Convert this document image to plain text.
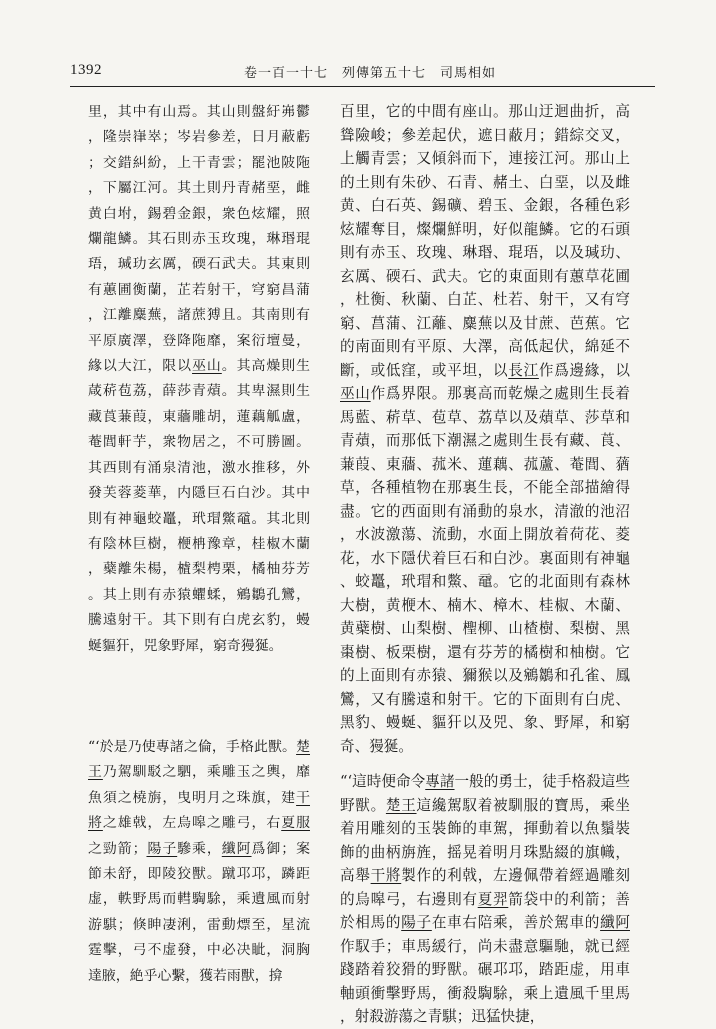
1392	卷一百一十七　列傳第五十七　司馬相如

里，其中有山焉。其山則盤紆岪鬱，隆崇嵂崒；岑岩參差，日月蔽虧；交錯糾紛，上干青雲；罷池陂陁，下屬江河。其土則丹青赭堊，雌黄白坿，錫碧金銀，衆色炫耀，照爛龍鱗。其石則赤玉玫瑰，琳瑉琨珸，瑊玏玄厲，碝石武夫。其東則有蕙圃衡蘭，芷若射干，穹窮昌蒲，江離麋蕪，諸蔗猼且。其南則有平原廣澤，登降陁靡，案衍壇曼，緣以大江，限以巫山。其高燥則生葴菥苞荔，薛莎青薠。其卑濕則生藏莨蒹葭，東蘠雕胡，蓮藕觚盧，菴閭軒芋，衆物居之，不可勝圖。其西則有涌泉清池，激水推移，外發芙蓉菱華，内隱巨石白沙。其中則有神龜蛟鼉，玳瑁鱉黿。其北則有陰林巨樹，楩柟豫章，桂椒木蘭，蘗離朱楊，樝梨梬栗，橘柚芬芳。其上則有赤猿蠷蝚，鵷鶵孔鸞，騰遠射干。其下則有白虎玄豹，蟃蜒貙犴，兕象野犀，窮奇獌狿。

“‘於是乃使專諸之倫，手格此獸。楚王乃駕馴駁之駟，乘雕玉之輿，靡魚須之橈旃，曳明月之珠旗，建干將之雄戟，左烏嗥之雕弓，右夏服之勁箭；陽子驂乘，纖阿爲御；案節未舒，即陵狡獸。蹴邛邛，蹸距虚，軼野馬而轊騊駼，乘遺風而射游騏；倏眒凄浰，雷動熛至，星流霆擊，弓不虚發，中必决眦，洞胸達腋，絶乎心繫，獲若雨獸，揜

百里，它的中間有座山。那山迂迴曲折，高聳險峻；參差起伏，遮日蔽月；錯綜交叉，上觸青雲；又傾斜而下，連接江河。那山上的土則有朱砂、石青、赭土、白堊，以及雌黄、白石英、錫礦、碧玉、金銀，各種色彩炫耀奪目，燦爛鮮明，好似龍鱗。它的石頭則有赤玉、玫瑰、琳瑉、琨珸，以及瑊玏、玄厲、碝石、武夫。它的東面則有蕙草花圃，杜衡、秋蘭、白芷、杜若、射干，又有穹窮、菖蒲、江蘺、麋蕪以及甘蔗、芭蕉。它的南面則有平原、大澤，高低起伏，綿延不斷，或低窪，或平坦，以長江作爲邊緣，以巫山作爲界限。那裏高而乾燥之處則生長着馬藍、菥草、苞草、荔草以及薠草、莎草和青薠，而那低下潮濕之處則生長有藏、莨、蒹葭、東蘠、菰米、蓮藕、菰蘆、菴閭、蕕草，各種植物在那裏生長，不能全部描繪得盡。它的西面則有涌動的泉水，清澈的池沼，水波激蕩、流動，水面上開放着荷花、菱花，水下隱伏着巨石和白沙。裏面則有神龜、蛟鼉，玳瑁和鱉、黿。它的北面則有森林大樹，黄楩木、楠木、樟木、桂椒、木蘭、黄蘗樹、山梨樹、檉柳、山楂樹、梨樹、黑棗樹、板栗樹，還有芬芳的橘樹和柚樹。它的上面則有赤猿、獮猴以及鵷鶵和孔雀、鳳鸞，又有騰遠和射干。它的下面則有白虎、黑豹、蟃蜒、貙犴以及兕、象、野犀，和窮奇、獌狿。

“‘這時便命令專諸一般的勇士，徒手格殺這些野獸。楚王這纔駕馭着被馴服的寶馬，乘坐着用雕刻的玉裝飾的車駕，揮動着以魚鬚裝飾的曲柄旃旌，摇晃着明月珠點綴的旗幟，高舉干將製作的利戟，左邊佩帶着經過雕刻的烏嗥弓，右邊則有夏羿箭袋中的利箭；善於相馬的陽子在車右陪乘，善於駕車的纖阿作馭手；車馬緩行，尚未盡意驅馳，就已經踐踏着狡猾的野獸。碾邛邛，踏距虚，用車軸頭衝擊野馬，衝殺騊駼，乘上遺風千里馬，射殺游蕩之青騏；迅猛快捷，
